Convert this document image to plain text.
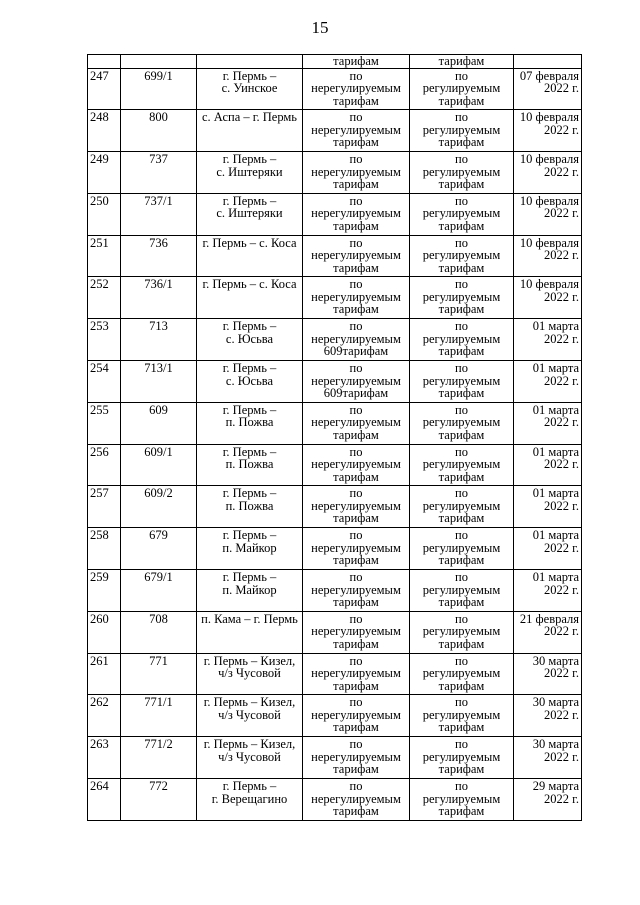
15
			тарифам	тарифам	
247	699/1	г. Пермь –
с. Уинское	по
нерегулируемым
тарифам	по
регулируемым
тарифам	07 февраля
2022 г.

248	800	с. Аспа – г. Пермь	по
нерегулируемым
тарифам	по
регулируемым
тарифам	10 февраля
2022 г.

249	737	г. Пермь –
с. Иштеряки	по
нерегулируемым
тарифам	по
регулируемым
тарифам	10 февраля
2022 г.

250	737/1	г. Пермь –
с. Иштеряки	по
нерегулируемым
тарифам	по
регулируемым
тарифам	10 февраля
2022 г.

251	736	г. Пермь – с. Коса	по
нерегулируемым
тарифам	по
регулируемым
тарифам	10 февраля
2022 г.

252	736/1	г. Пермь – с. Коса	по
нерегулируемым
тарифам	по
регулируемым
тарифам	10 февраля
2022 г.

253	713	г. Пермь –
с. Юсьва	по
нерегулируемым
609тарифам	по
регулируемым
тарифам	01 марта
2022 г.

254	713/1	г. Пермь –
с. Юсьва	по
нерегулируемым
609тарифам	по
регулируемым
тарифам	01 марта
2022 г.

255	609	г. Пермь –
п. Пожва	по
нерегулируемым
тарифам	по
регулируемым
тарифам	01 марта
2022 г.

256	609/1	г. Пермь –
п. Пожва	по
нерегулируемым
тарифам	по
регулируемым
тарифам	01 марта
2022 г.

257	609/2	г. Пермь –
п. Пожва	по
нерегулируемым
тарифам	по
регулируемым
тарифам	01 марта
2022 г.

258	679	г. Пермь –
п. Майкор	по
нерегулируемым
тарифам	по
регулируемым
тарифам	01 марта
2022 г.

259	679/1	г. Пермь –
п. Майкор	по
нерегулируемым
тарифам	по
регулируемым
тарифам	01 марта
2022 г.

260	708	п. Кама – г. Пермь	по
нерегулируемым
тарифам	по
регулируемым
тарифам	21 февраля
2022 г.

261	771	г. Пермь – Кизел,
ч/з Чусовой	по
нерегулируемым
тарифам	по
регулируемым
тарифам	30 марта
2022 г.

262	771/1	г. Пермь – Кизел,
ч/з Чусовой	по
нерегулируемым
тарифам	по
регулируемым
тарифам	30 марта
2022 г.

263	771/2	г. Пермь – Кизел,
ч/з Чусовой	по
нерегулируемым
тарифам	по
регулируемым
тарифам	30 марта
2022 г.

264	772	г. Пермь –
г. Верещагино	по
нерегулируемым
тарифам	по
регулируемым
тарифам	29 марта
2022 г.
